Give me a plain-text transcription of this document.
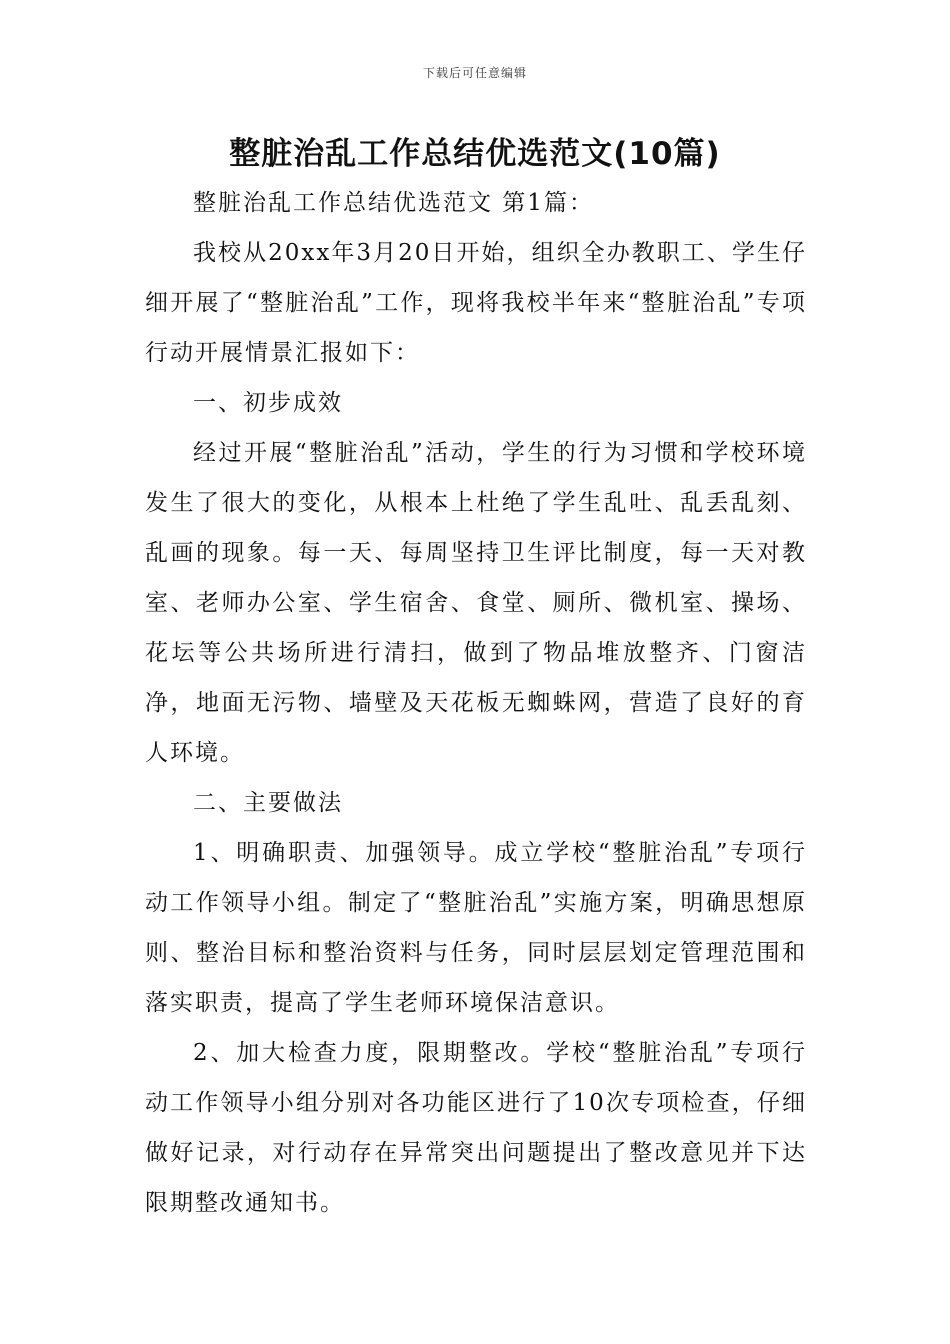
下载后可任意编辑
整脏治乱工作总结优选范文(10篇)

整脏治乱工作总结优选范文 第1篇：

我校从20xx年3月20日开始，组织全办教职工、学生仔细开展了“整脏治乱”工作，现将我校半年来“整脏治乱”专项行动开展情景汇报如下：

一、初步成效

经过开展“整脏治乱”活动，学生的行为习惯和学校环境发生了很大的变化，从根本上杜绝了学生乱吐、乱丢乱刻、乱画的现象。每一天、每周坚持卫生评比制度，每一天对教室、老师办公室、学生宿舍、食堂、厕所、微机室、操场、花坛等公共场所进行清扫，做到了物品堆放整齐、门窗洁净，地面无污物、墙壁及天花板无蜘蛛网，营造了良好的育人环境。

二、主要做法

1、明确职责、加强领导。成立学校“整脏治乱”专项行动工作领导小组。制定了“整脏治乱”实施方案，明确思想原则、整治目标和整治资料与任务，同时层层划定管理范围和落实职责，提高了学生老师环境保洁意识。

2、加大检查力度，限期整改。学校“整脏治乱”专项行动工作领导小组分别对各功能区进行了10次专项检查，仔细做好记录，对行动存在异常突出问题提出了整改意见并下达限期整改通知书。
